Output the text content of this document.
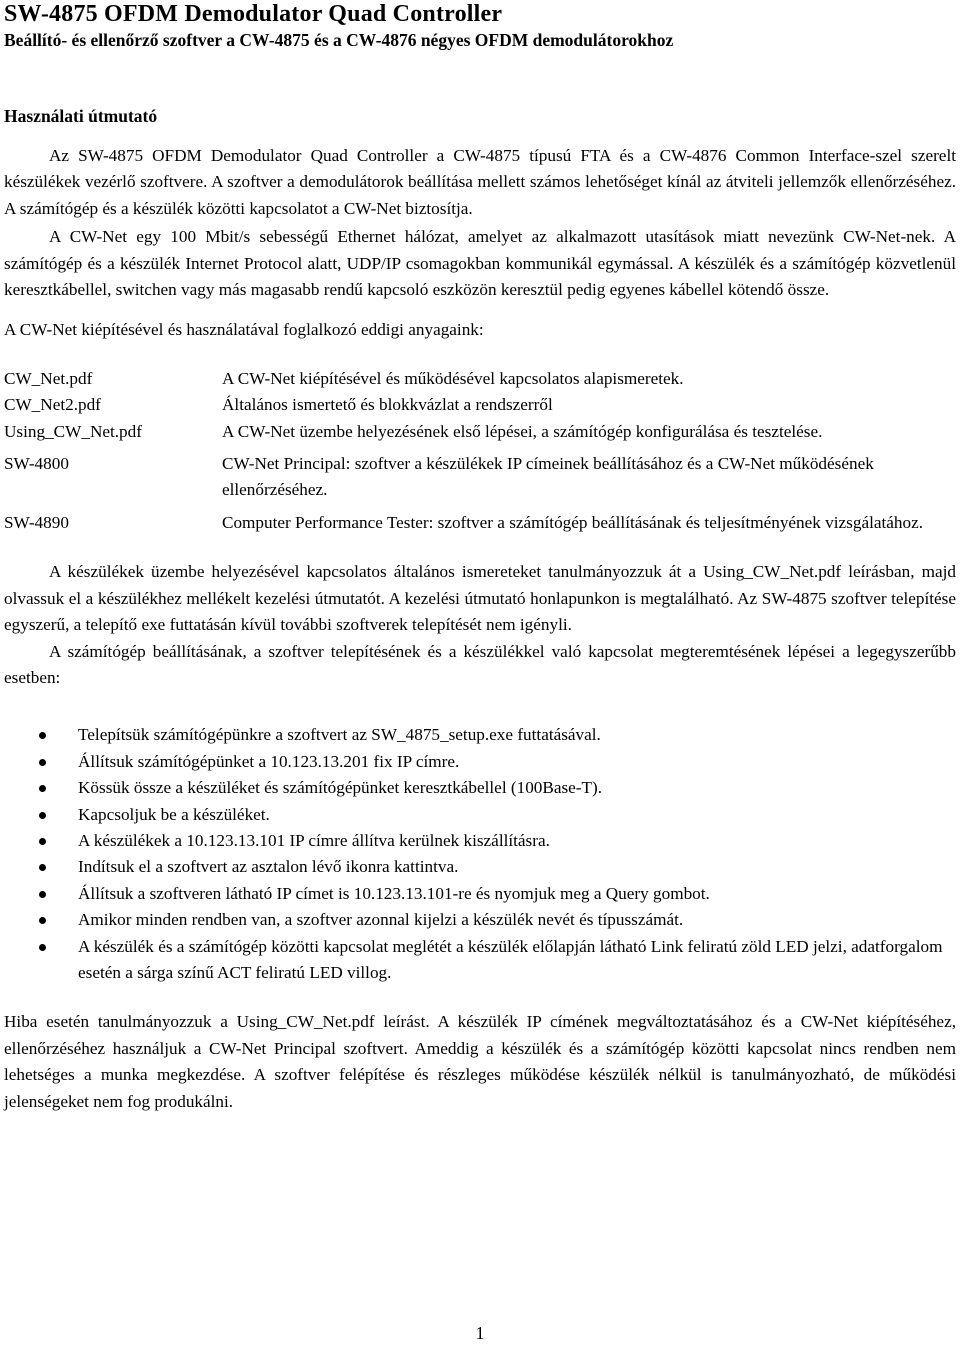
SW-4875 OFDM Demodulator Quad Controller
Beállító- és ellenőrző szoftver a CW-4875 és a CW-4876 négyes OFDM demodulátorokhoz
Használati útmutató

Az SW-4875 OFDM Demodulator Quad Controller a CW-4875 típusú FTA és a CW-4876 Common Interface-szel szerelt készülékek vezérlő szoftvere. A szoftver a demodulátorok beállítása mellett számos lehetőséget kínál az átviteli jellemzők ellenőrzéséhez. A számítógép és a készülék közötti kapcsolatot a CW-Net biztosítja.

A CW-Net egy 100 Mbit/s sebességű Ethernet hálózat, amelyet az alkalmazott utasítások miatt nevezünk CW-Net-nek. A számítógép és a készülék Internet Protocol alatt, UDP/IP csomagokban kommunikál egymással. A készülék és a számítógép közvetlenül keresztkábellel, switchen vagy más magasabb rendű kapcsoló eszközön keresztül pedig egyenes kábellel kötendő össze.

A CW-Net kiépítésével és használatával foglalkozó eddigi anyagaink:

CW_Net.pdf	A CW-Net kiépítésével és működésével kapcsolatos alapismeretek.
CW_Net2.pdf	Általános ismertető és blokkvázlat a rendszerről
Using_CW_Net.pdf	A CW-Net üzembe helyezésének első lépései, a számítógép konfigurálása és tesztelése.
SW-4800	CW-Net Principal: szoftver a készülékek IP címeinek beállításához és a CW-Net működésének ellenőrzéséhez.
SW-4890	Computer Performance Tester: szoftver a számítógép beállításának és teljesítményének vizsgálatához.

A készülékek üzembe helyezésével kapcsolatos általános ismereteket tanulmányozzuk át a Using_CW_Net.pdf leírásban, majd olvassuk el a készülékhez mellékelt kezelési útmutatót. A kezelési útmutató honlapunkon is megtalálható. Az SW-4875 szoftver telepítése egyszerű, a telepítő exe futtatásán kívül további szoftverek telepítését nem igényli.

A számítógép beállításának, a szoftver telepítésének és a készülékkel való kapcsolat megteremtésének lépései a legegyszerűbb esetben:

Telepítsük számítógépünkre a szoftvert az SW_4875_setup.exe futtatásával.
Állítsuk számítógépünket a 10.123.13.201 fix IP címre.
Kössük össze a készüléket és számítógépünket keresztkábellel (100Base-T).
Kapcsoljuk be a készüléket.
A készülékek a 10.123.13.101 IP címre állítva kerülnek kiszállításra.
Indítsuk el a szoftvert az asztalon lévő ikonra kattintva.
Állítsuk a szoftveren látható IP címet is 10.123.13.101-re és nyomjuk meg a Query gombot.
Amikor minden rendben van, a szoftver azonnal kijelzi a készülék nevét és típusszámát.
A készülék és a számítógép közötti kapcsolat meglétét a készülék előlapján látható Link feliratú zöld LED jelzi, adatforgalom esetén a sárga színű ACT feliratú LED villog.

Hiba esetén tanulmányozzuk a Using_CW_Net.pdf leírást. A készülék IP címének megváltoztatásához és a CW-Net kiépítéséhez, ellenőrzéséhez használjuk a CW-Net Principal szoftvert. Ameddig a készülék és a számítógép közötti kapcsolat nincs rendben nem lehetséges a munka megkezdése. A szoftver felépítése és részleges működése készülék nélkül is tanulmányozható, de működési jelenségeket nem fog produkálni.

1
